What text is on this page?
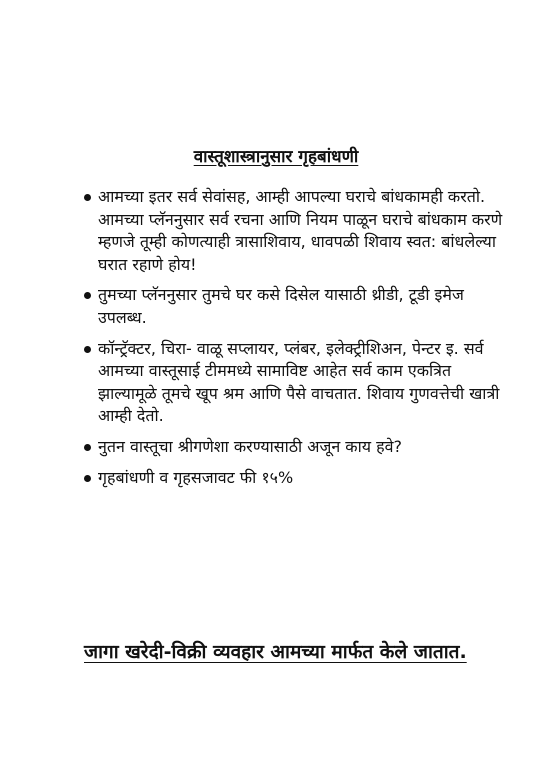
वास्तूशास्त्रानुसार गृहबांधणी
आमच्या इतर सर्व सेवांसह, आम्ही आपल्या घराचे बांधकामही करतो. आमच्या प्लॅननुसार सर्व रचना आणि नियम पाळून घराचे बांधकाम करणे म्हणजे तूम्ही कोणत्याही त्रासाशिवाय, धावपळी शिवाय स्वत: बांधलेल्या घरात रहाणे होय!
तुमच्या प्लॅननुसार तुमचे घर कसे दिसेल यासाठी थ्रीडी, टूडी इमेज उपलब्ध.
कॉन्ट्रॅक्टर, चिरा- वाळू सप्लायर, प्लंबर, इलेक्ट्रीशिअन, पेन्टर इ. सर्व आमच्या वास्तूसाई टीममध्ये सामाविष्ट आहेत सर्व काम एकत्रित झाल्यामूळे तूमचे खूप श्रम आणि पैसे वाचतात. शिवाय गुणवत्तेची खात्री आम्ही देतो.
नुतन वास्तूचा श्रीगणेशा करण्यासाठी अजून काय हवे?
गृहबांधणी व गृहसजावट फी १५%

जागा खरेदी-विक्री व्यवहार आमच्या मार्फत केले जातात.
